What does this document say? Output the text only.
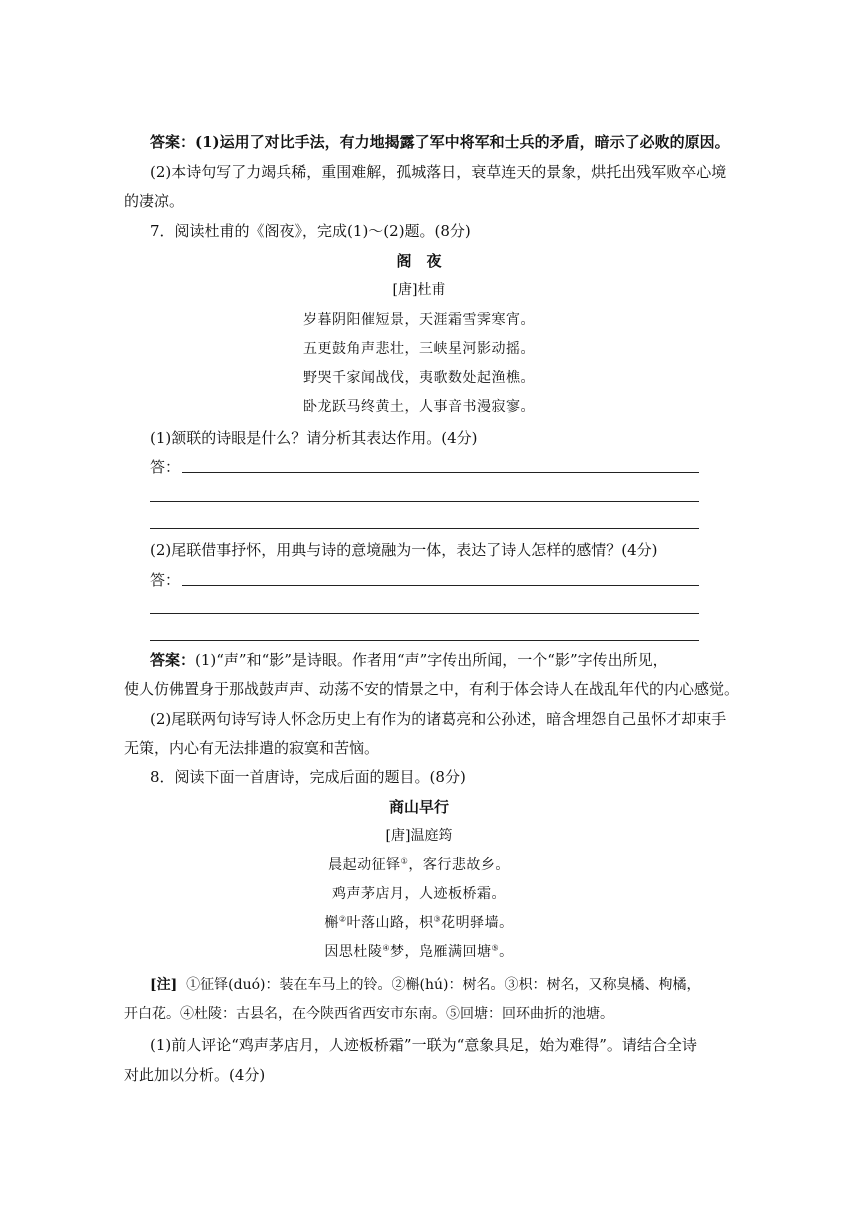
答案：(1)运用了对比手法，有力地揭露了军中将军和士兵的矛盾，暗示了必败的原因。
(2)本诗句写了力竭兵稀，重围难解，孤城落日，衰草连天的景象，烘托出残军败卒心境
的凄凉。
7．阅读杜甫的《阁夜》，完成(1)～(2)题。(8分)
阁　夜
[唐]杜甫
岁暮阴阳催短景，天涯霜雪霁寒宵。
五更鼓角声悲壮，三峡星河影动摇。
野哭千家闻战伐，夷歌数处起渔樵。
卧龙跃马终黄土，人事音书漫寂寥。
(1)颔联的诗眼是什么？请分析其表达作用。(4分)
答：
(2)尾联借事抒怀，用典与诗的意境融为一体，表达了诗人怎样的感情？(4分)
答：
答案：(1)“声”和“影”是诗眼。作者用“声”字传出所闻，一个“影”字传出所见，
使人仿佛置身于那战鼓声声、动荡不安的情景之中，有利于体会诗人在战乱年代的内心感觉。
(2)尾联两句诗写诗人怀念历史上有作为的诸葛亮和公孙述，暗含埋怨自己虽怀才却束手
无策，内心有无法排遣的寂寞和苦恼。
8．阅读下面一首唐诗，完成后面的题目。(8分)
商山早行
[唐]温庭筠
晨起动征铎①，客行悲故乡。
鸡声茅店月，人迹板桥霜。
槲②叶落山路，枳③花明驿墙。
因思杜陵④梦，凫雁满回塘⑤。
[注] ①征铎(duó)：装在车马上的铃。②槲(hú)：树名。③枳：树名，又称臭橘、枸橘，
开白花。④杜陵：古县名，在今陕西省西安市东南。⑤回塘：回环曲折的池塘。
(1)前人评论“鸡声茅店月，人迹板桥霜”一联为“意象具足，始为难得”。请结合全诗
对此加以分析。(4分)
